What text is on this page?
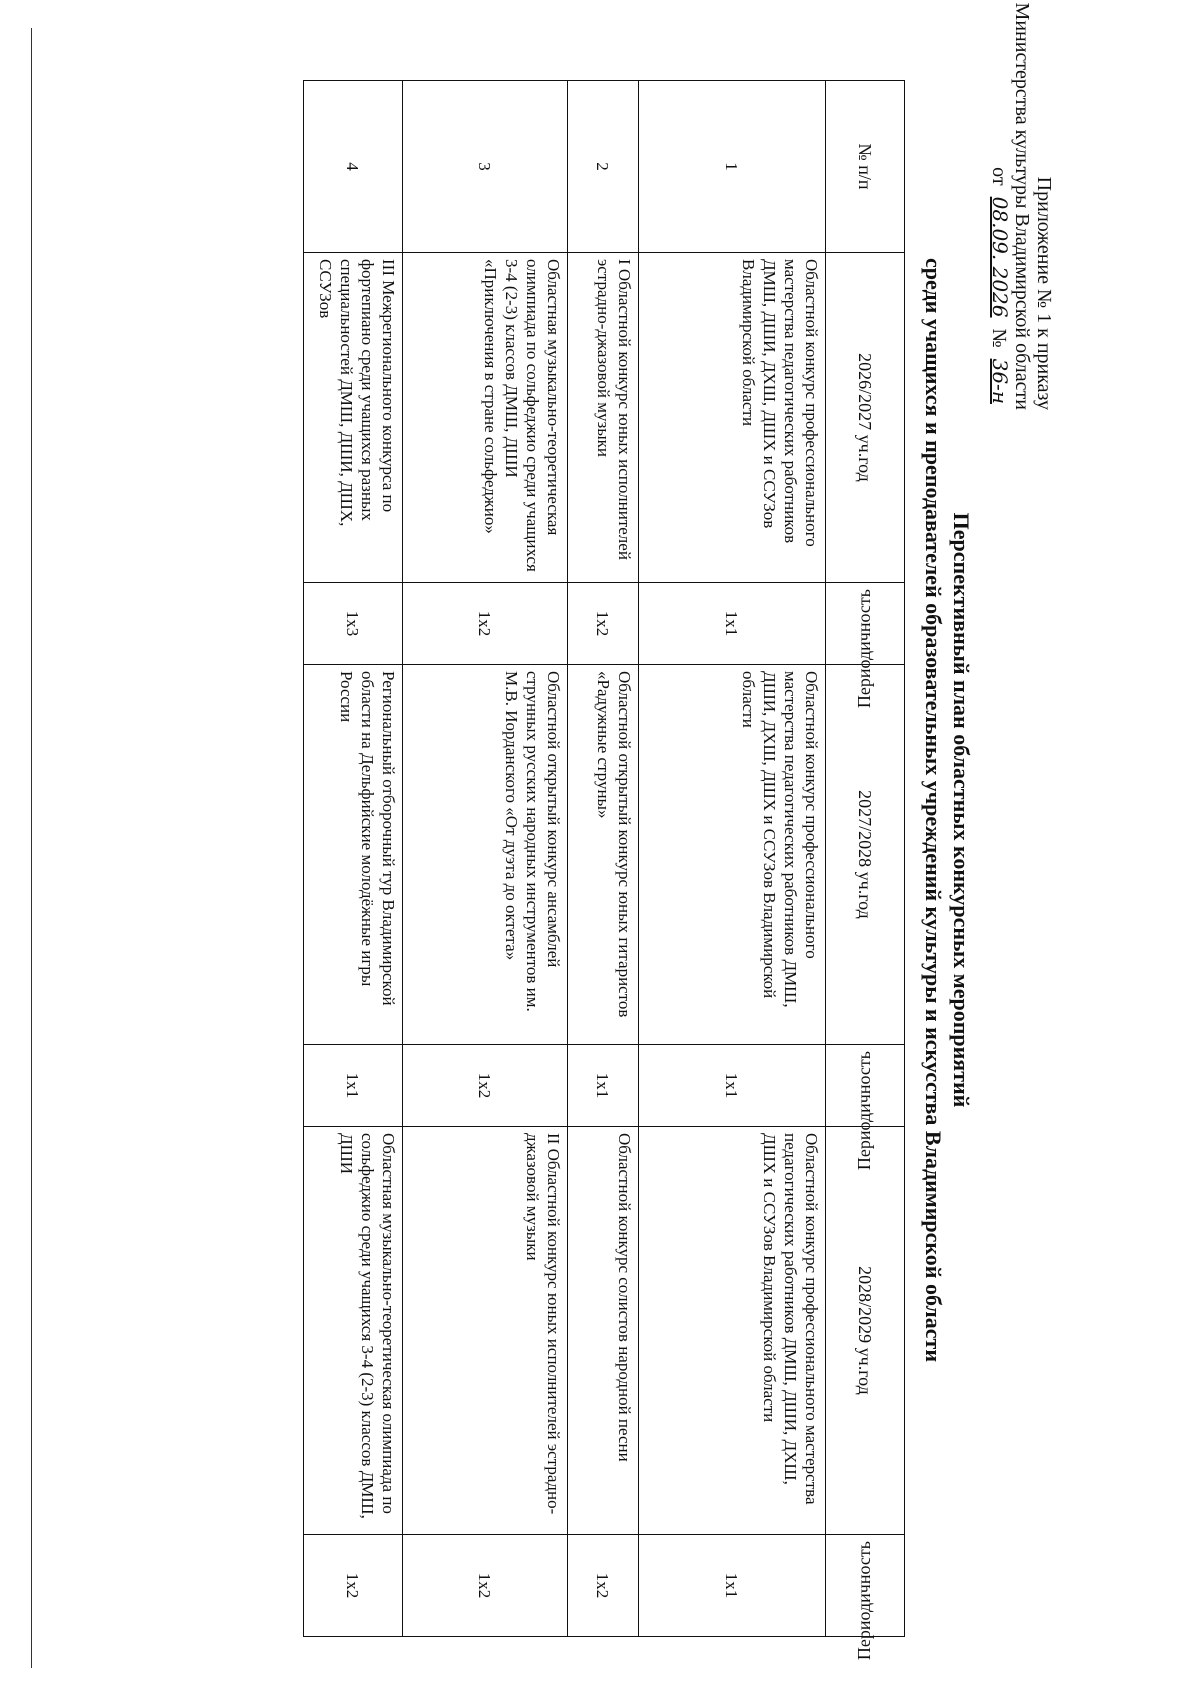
Приложение № 1 к приказу
Министерства культуры Владимирской области
от 08.09. 2026 № 36-н
Перспективный план областных конкурсных мероприятий
среди учащихся и преподавателей образовательных учреждений культуры и искусства Владимирской области
№ п/п	2026/2027 уч.год	Периодичность	2027/2028 уч.год	Периодичность	2028/2029 уч.год	Периодичность
1	Областной конкурс профессионального мастерства педагогических работников ДМШ, ДШИ, ДХШ, ДШХ и ССУЗов Владимирской области	1х1	Областной конкурс профессионального мастерства педагогических работников ДМШ, ДШИ, ДХШ, ДШХ и ССУЗов Владимирской области	1х1	Областной конкурс профессионального мастерства педагогических работников ДМШ, ДШИ, ДХШ, ДШХ и ССУЗов Владимирской области	1х1
2	I Областной конкурс юных исполнителей эстрадно-джазовой музыки	1х2	Областной открытый конкурс юных гитаристов «Радужные струны»	1х1	Областной конкурс солистов народной песни	1х2
3	Областная музыкально-теоретическая олимпиада по сольфеджио среди учащихся 3-4 (2-3) классов ДМШ, ДШИ «Приключения в стране сольфеджио»	1х2	Областной открытый конкурс ансамблей струнных русских народных инструментов им. М.В. Иорданского «От дуэта до октета»	1х2	II Областной конкурс юных исполнителей эстрадно-джазовой музыки	1х2
4	III Межрегионального конкурса по фортепиано среди учащихся разных специальностей ДМШ, ДШИ, ДШХ, ССУЗов	1х3	Региональный отборочный тур Владимирской области на Дельфийские молодёжные игры России	1х1	Областная музыкально-теоретическая олимпиада по сольфеджио среди учащихся 3-4 (2-3) классов ДМШ, ДШИ	1х2
